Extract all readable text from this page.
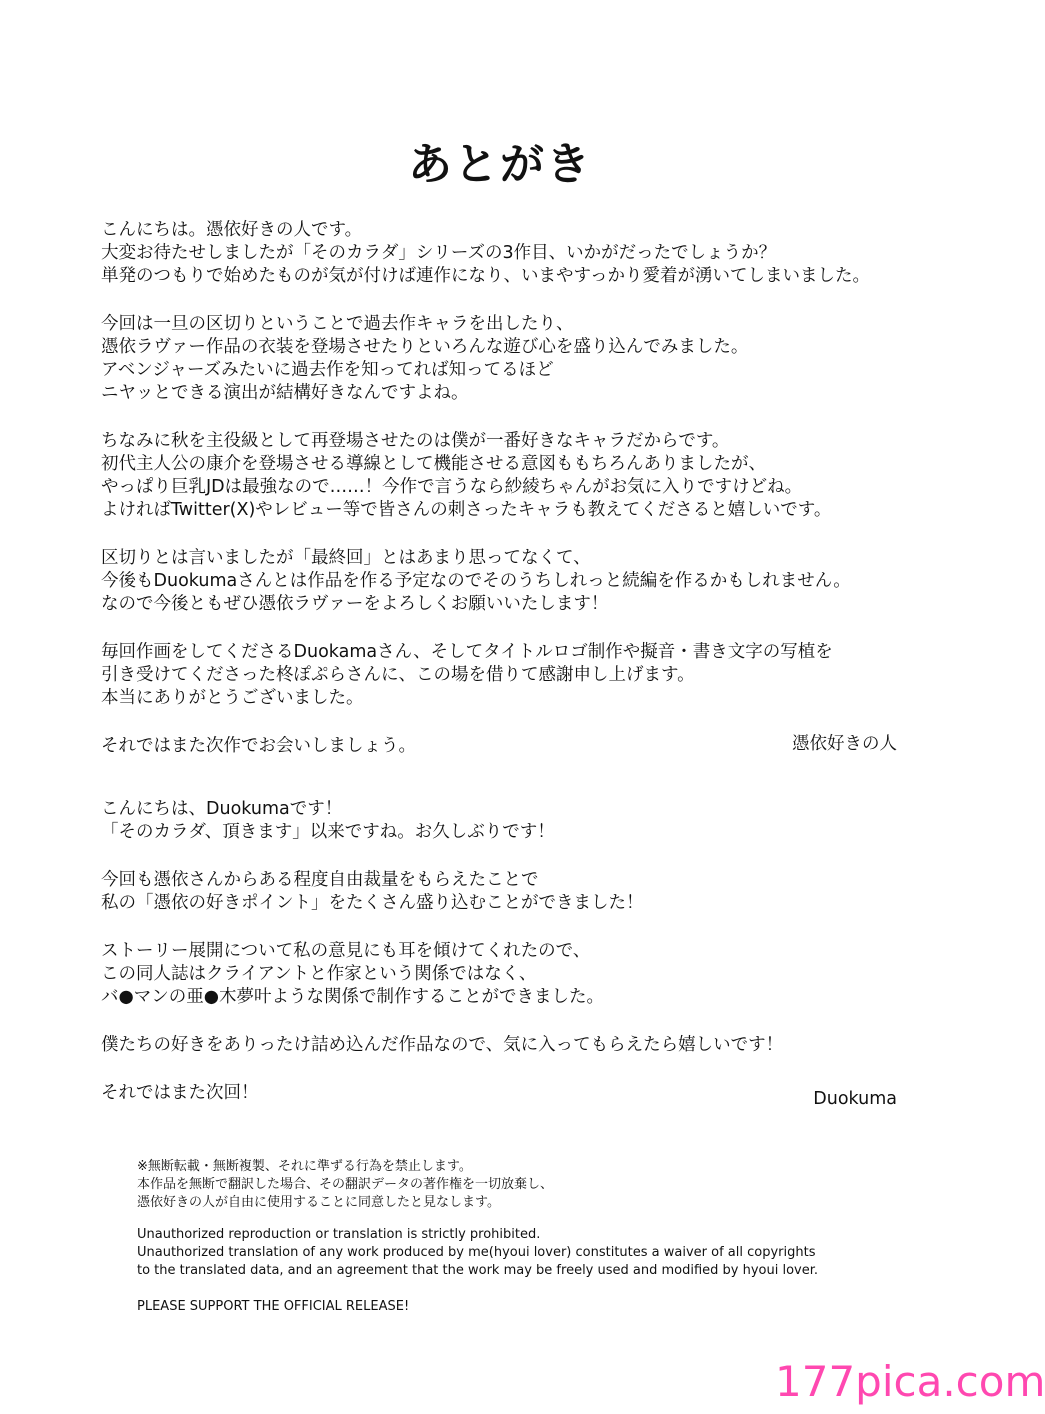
あとがき
こんにちは。憑依好きの人です。
大変お待たせしましたが「そのカラダ」シリーズの3作目、いかがだったでしょうか？
単発のつもりで始めたものが気が付けば連作になり、いまやすっかり愛着が湧いてしまいました。
今回は一旦の区切りということで過去作キャラを出したり、
憑依ラヴァー作品の衣装を登場させたりといろんな遊び心を盛り込んでみました。
アベンジャーズみたいに過去作を知ってれば知ってるほど
ニヤッとできる演出が結構好きなんですよね。
ちなみに秋を主役級として再登場させたのは僕が一番好きなキャラだからです。
初代主人公の康介を登場させる導線として機能させる意図ももちろんありましたが、
やっぱり巨乳JDは最強なので……！今作で言うなら紗綾ちゃんがお気に入りですけどね。
よければTwitter(X)やレビュー等で皆さんの刺さったキャラも教えてくださると嬉しいです。
区切りとは言いましたが「最終回」とはあまり思ってなくて、
今後もDuokumaさんとは作品を作る予定なのでそのうちしれっと続編を作るかもしれません。
なので今後ともぜひ憑依ラヴァーをよろしくお願いいたします！
毎回作画をしてくださるDuokamaさん、そしてタイトルロゴ制作や擬音・書き文字の写植を
引き受けてくださった柊ぽぷらさんに、この場を借りて感謝申し上げます。
本当にありがとうございました。
それではまた次作でお会いしましょう。	憑依好きの人
こんにちは、Duokumaです！
「そのカラダ、頂きます」以来ですね。お久しぶりです！
今回も憑依さんからある程度自由裁量をもらえたことで
私の「憑依の好きポイント」をたくさん盛り込むことができました！
ストーリー展開について私の意見にも耳を傾けてくれたので、
この同人誌はクライアントと作家という関係ではなく、
バ●マンの亜●木夢叶ような関係で制作することができました。
僕たちの好きをありったけ詰め込んだ作品なので、気に入ってもらえたら嬉しいです！
それではまた次回！	Duokuma
※無断転載・無断複製、それに準ずる行為を禁止します。
本作品を無断で翻訳した場合、その翻訳データの著作権を一切放棄し、
憑依好きの人が自由に使用することに同意したと見なします。
Unauthorized reproduction or translation is strictly prohibited.
Unauthorized translation of any work produced by me(hyoui lover) constitutes a waiver of all copyrights
to the translated data, and an agreement that the work may be freely used and modified by hyoui lover.
PLEASE SUPPORT THE OFFICIAL RELEASE!
177pica.com
